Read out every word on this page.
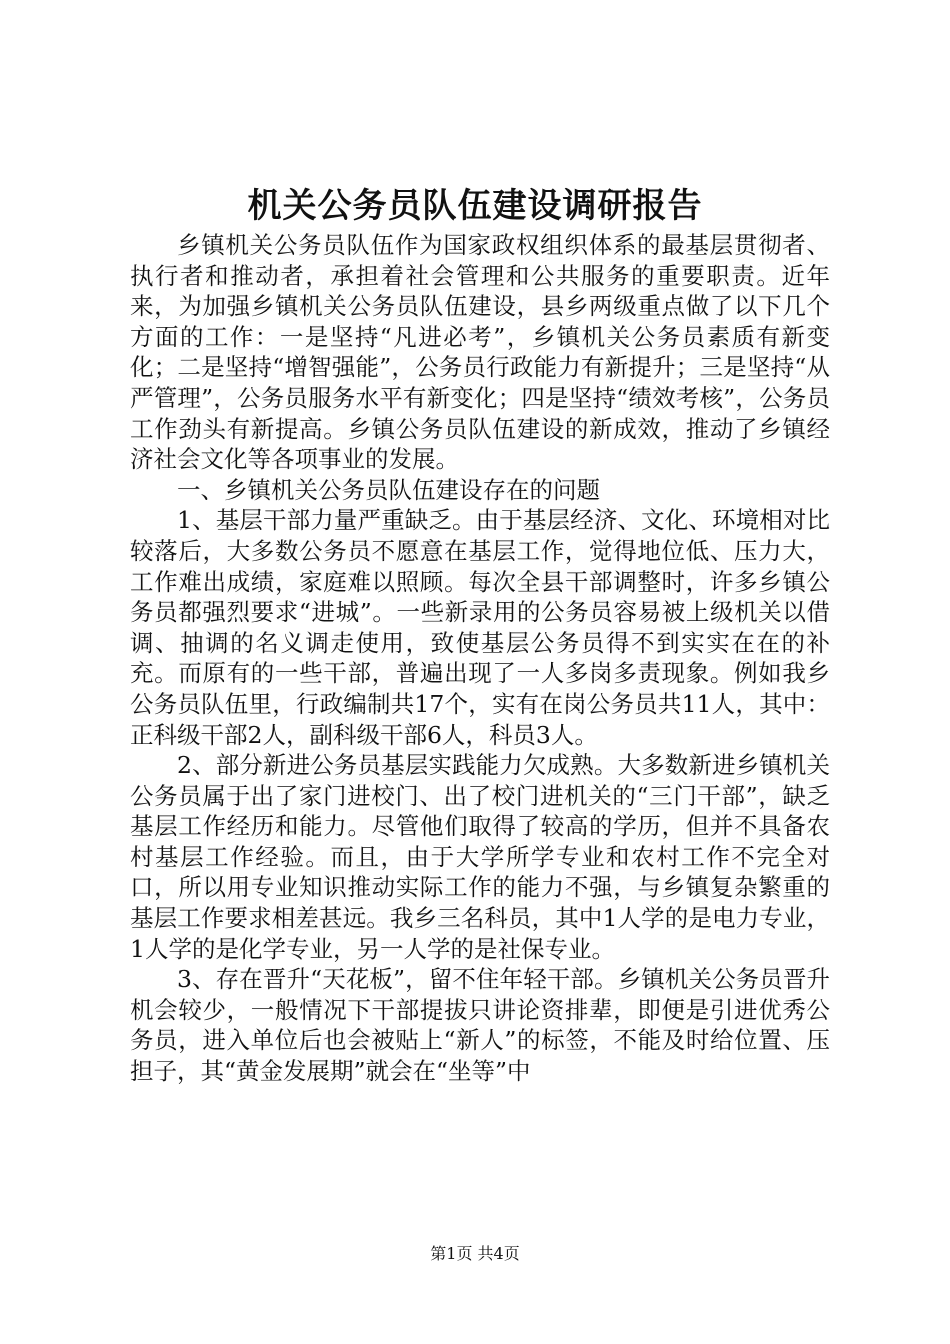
机关公务员队伍建设调研报告

乡镇机关公务员队伍作为国家政权组织体系的最基层贯彻者、执行者和推动者，承担着社会管理和公共服务的重要职责。近年来，为加强乡镇机关公务员队伍建设，县乡两级重点做了以下几个方面的工作：一是坚持“凡进必考”，乡镇机关公务员素质有新变化；二是坚持“增智强能”，公务员行政能力有新提升；三是坚持“从严管理”，公务员服务水平有新变化；四是坚持“绩效考核”，公务员工作劲头有新提高。乡镇公务员队伍建设的新成效，推动了乡镇经济社会文化等各项事业的发展。

一、乡镇机关公务员队伍建设存在的问题

1、基层干部力量严重缺乏。由于基层经济、文化、环境相对比较落后，大多数公务员不愿意在基层工作，觉得地位低、压力大，工作难出成绩，家庭难以照顾。每次全县干部调整时，许多乡镇公务员都强烈要求“进城”。一些新录用的公务员容易被上级机关以借调、抽调的名义调走使用，致使基层公务员得不到实实在在的补充。而原有的一些干部，普遍出现了一人多岗多责现象。例如我乡公务员队伍里，行政编制共17个，实有在岗公务员共11人，其中：正科级干部2人，副科级干部6人，科员3人。

2、部分新进公务员基层实践能力欠成熟。大多数新进乡镇机关公务员属于出了家门进校门、出了校门进机关的“三门干部”，缺乏基层工作经历和能力。尽管他们取得了较高的学历，但并不具备农村基层工作经验。而且，由于大学所学专业和农村工作不完全对口，所以用专业知识推动实际工作的能力不强，与乡镇复杂繁重的基层工作要求相差甚远。我乡三名科员，其中1人学的是电力专业，1人学的是化学专业，另一人学的是社保专业。

3、存在晋升“天花板”，留不住年轻干部。乡镇机关公务员晋升机会较少，一般情况下干部提拔只讲论资排辈，即便是引进优秀公务员，进入单位后也会被贴上“新人”的标签，不能及时给位置、压担子，其“黄金发展期”就会在“坐等”中

第1页 共4页
